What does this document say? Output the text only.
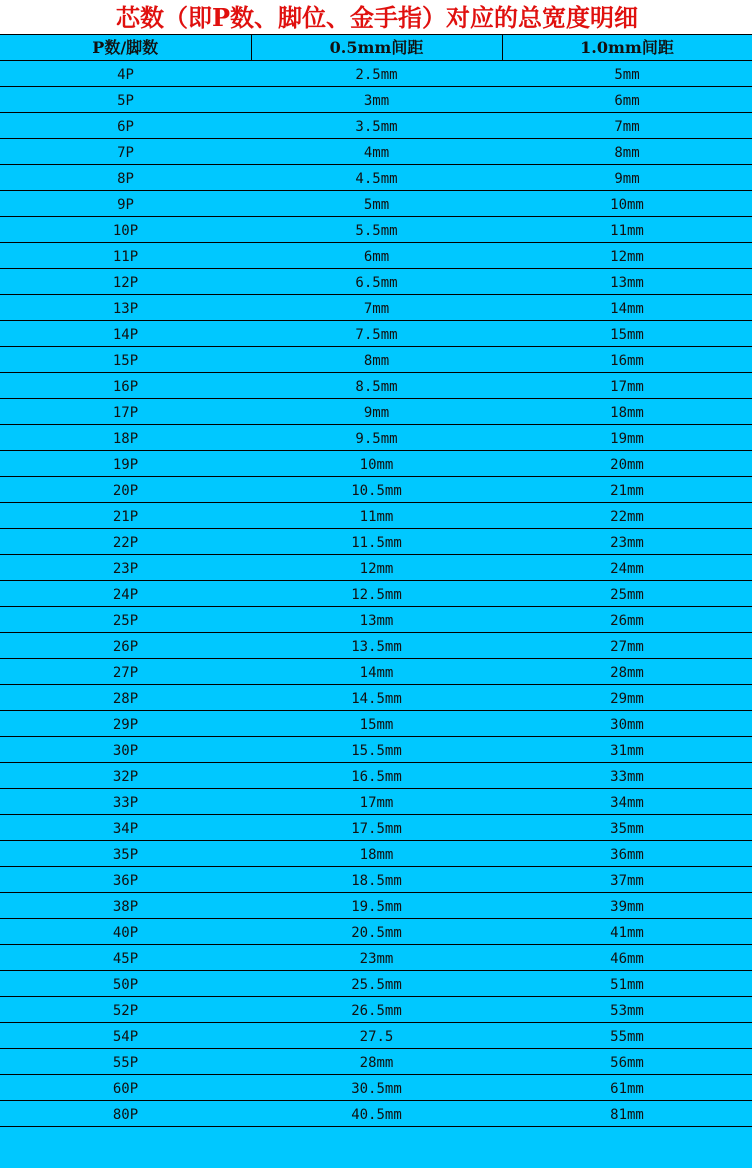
芯数（即P数、脚位、金手指）对应的总宽度明细
P数/脚数	0.5mm间距	1.0mm间距
4P	2.5mm	5mm
5P	3mm	6mm
6P	3.5mm	7mm
7P	4mm	8mm
8P	4.5mm	9mm
9P	5mm	10mm
10P	5.5mm	11mm
11P	6mm	12mm
12P	6.5mm	13mm
13P	7mm	14mm
14P	7.5mm	15mm
15P	8mm	16mm
16P	8.5mm	17mm
17P	9mm	18mm
18P	9.5mm	19mm
19P	10mm	20mm
20P	10.5mm	21mm
21P	11mm	22mm
22P	11.5mm	23mm
23P	12mm	24mm
24P	12.5mm	25mm
25P	13mm	26mm
26P	13.5mm	27mm
27P	14mm	28mm
28P	14.5mm	29mm
29P	15mm	30mm
30P	15.5mm	31mm
32P	16.5mm	33mm
33P	17mm	34mm
34P	17.5mm	35mm
35P	18mm	36mm
36P	18.5mm	37mm
38P	19.5mm	39mm
40P	20.5mm	41mm
45P	23mm	46mm
50P	25.5mm	51mm
52P	26.5mm	53mm
54P	27.5	55mm
55P	28mm	56mm
60P	30.5mm	61mm
80P	40.5mm	81mm
